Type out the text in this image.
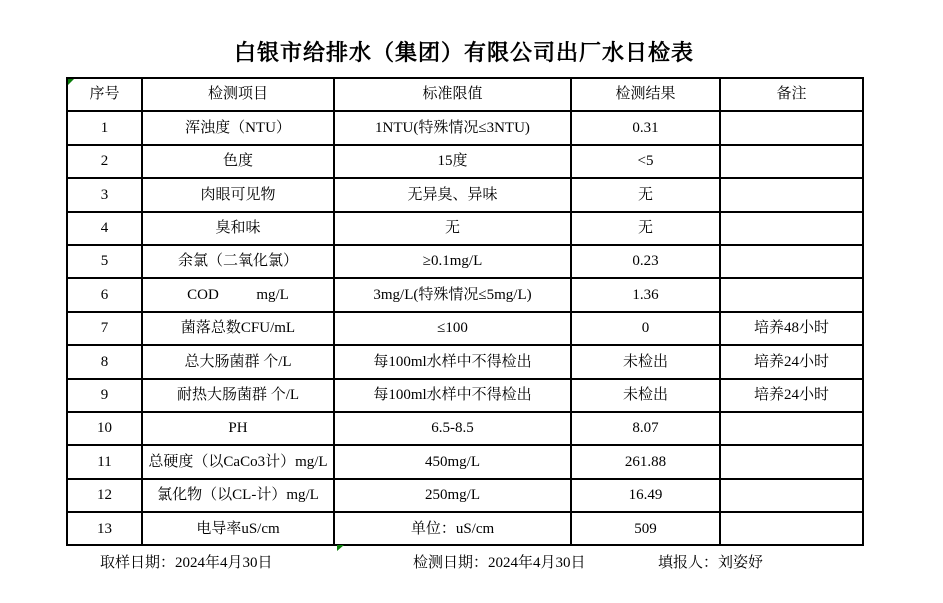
白银市给排水（集团）有限公司出厂水日检表
序号	检测项目	标准限值	检测结果	备注
1	浑浊度（NTU）	1NTU(特殊情况≤3NTU)	0.31	
2	色度	15度	<5	
3	肉眼可见物	无异臭、异味	无	
4	臭和味	无	无	
5	余氯（二氧化氯）	≥0.1mg/L	0.23	
6	COD          mg/L	3mg/L(特殊情况≤5mg/L)	1.36	
7	菌落总数CFU/mL	≤100	0	培养48小时
8	总大肠菌群 个/L	每100ml水样中不得检出	未检出	培养24小时
9	耐热大肠菌群 个/L	每100ml水样中不得检出	未检出	培养24小时
10	PH	6.5-8.5	8.07	
11	总硬度（以CaCo3计）mg/L	450mg/L	261.88	
12	氯化物（以CL-计）mg/L	250mg/L	16.49	
13	电导率uS/cm	单位：uS/cm	509	
取样日期：2024年4月30日	检测日期：2024年4月30日	填报人：刘姿妤
